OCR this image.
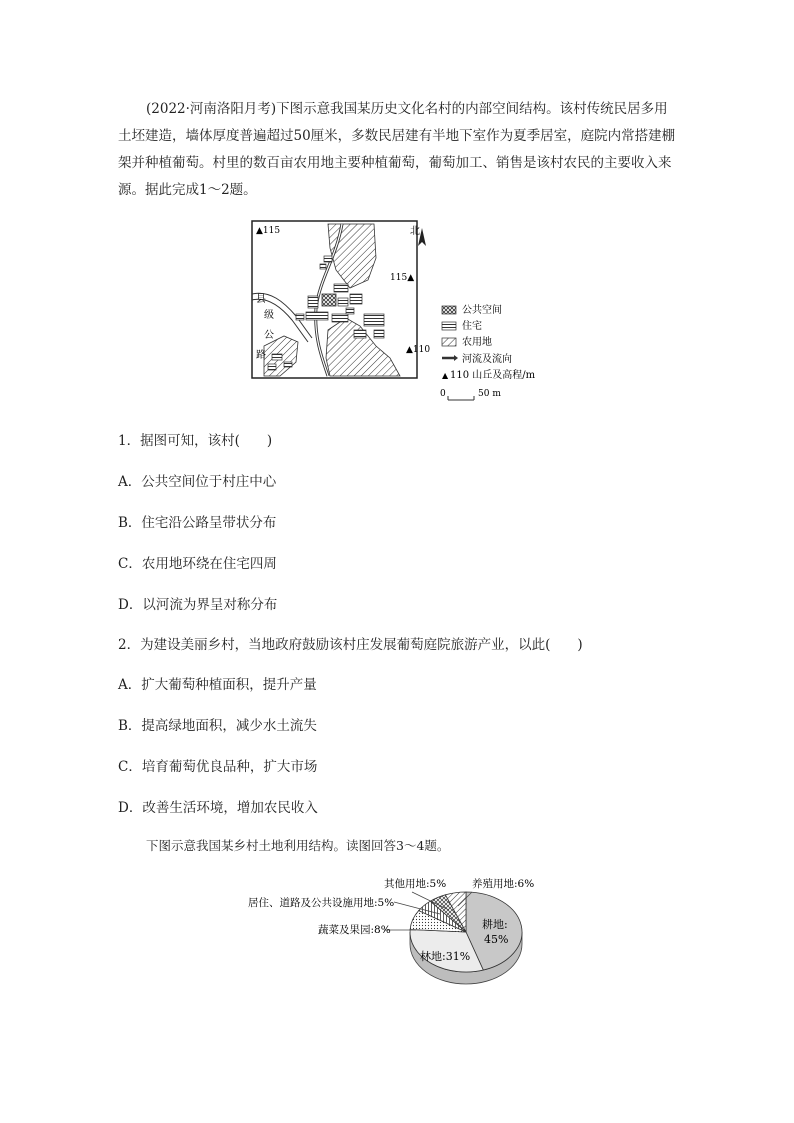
(2022·河南洛阳月考)下图示意我国某历史文化名村的内部空间结构。该村传统民居多用土坯建造，墙体厚度普遍超过50厘米，多数民居建有半地下室作为夏季居室，庭院内常搭建棚架并种植葡萄。村里的数百亩农用地主要种植葡萄，葡萄加工、销售是该村农民的主要收入来源。据此完成1～2题。

▲115
115▲
▲110
北
县
级
公
路
公共空间
住宅
农用地
河流及流向
▲ 110 山丘及高程/m
0	50 m
1．据图可知，该村(　　)
A．公共空间位于村庄中心
B．住宅沿公路呈带状分布
C．农用地环绕在住宅四周
D．以河流为界呈对称分布
2．为建设美丽乡村，当地政府鼓励该村庄发展葡萄庭院旅游产业，以此(　　)
A．扩大葡萄种植面积，提升产量
B．提高绿地面积，减少水土流失
C．培育葡萄优良品种，扩大市场
D．改善生活环境，增加农民收入
下图示意我国某乡村土地利用结构。读图回答3～4题。
其他用地:5% 养殖用地:6%
居住、道路及公共设施用地:5%
蔬菜及果园:8%	耕地:
45%
林地:31%
